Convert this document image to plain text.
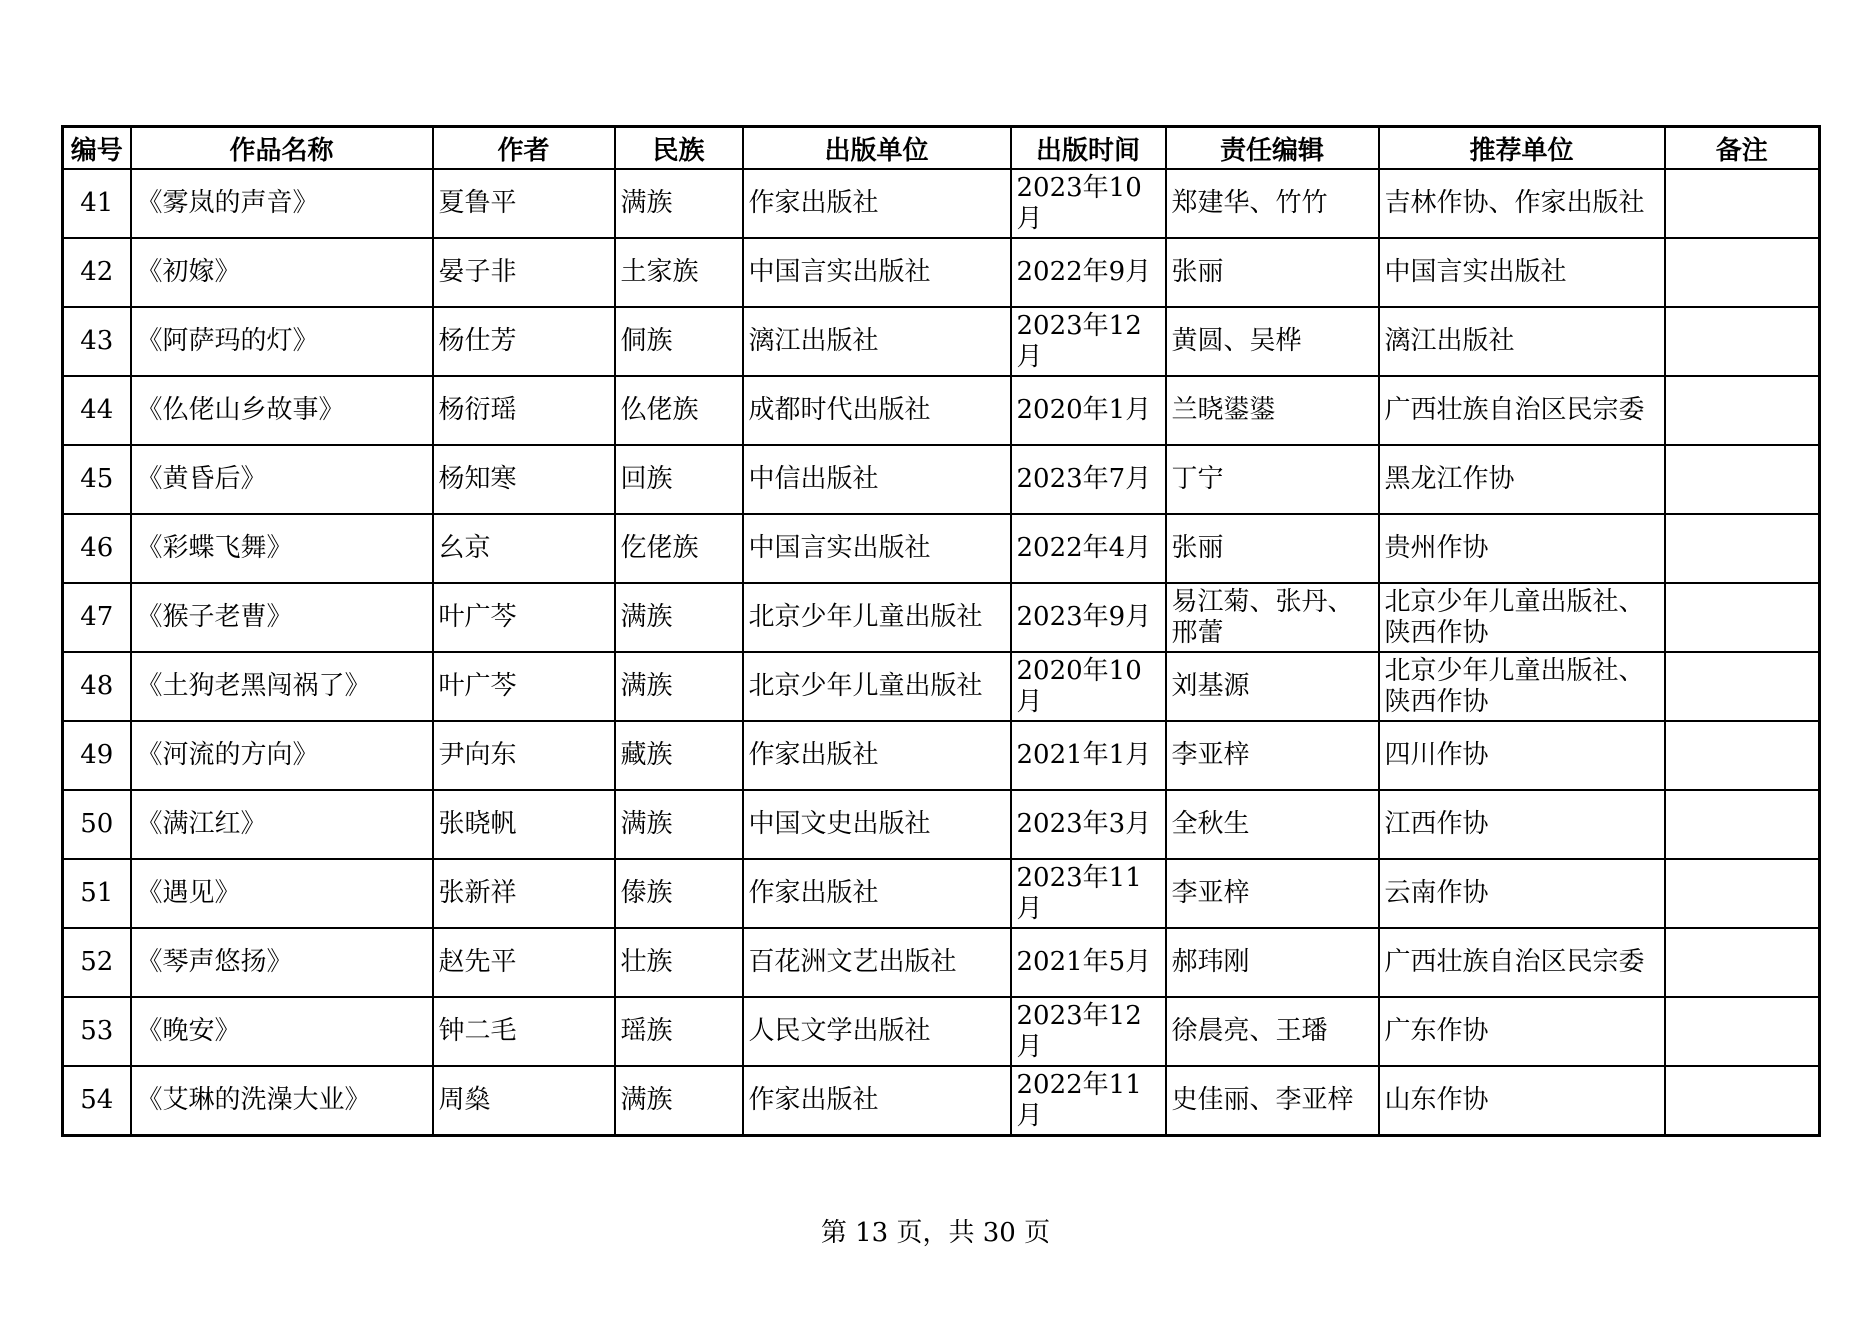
编号	作品名称	作者	民族	出版单位	出版时间	责任编辑	推荐单位	备注
41	《雾岚的声音》	夏鲁平	满族	作家出版社	2023年10月	郑建华、竹竹	吉林作协、作家出版社	
42	《初嫁》	晏子非	土家族	中国言实出版社	2022年9月	张丽	中国言实出版社	
43	《阿萨玛的灯》	杨仕芳	侗族	漓江出版社	2023年12月	黄圆、吴桦	漓江出版社	
44	《仫佬山乡故事》	杨衍瑶	仫佬族	成都时代出版社	2020年1月	兰晓鍙鍙	广西壮族自治区民宗委	
45	《黄昏后》	杨知寒	回族	中信出版社	2023年7月	丁宁	黑龙江作协	
46	《彩蝶飞舞》	幺京	仡佬族	中国言实出版社	2022年4月	张丽	贵州作协	
47	《猴子老曹》	叶广芩	满族	北京少年儿童出版社	2023年9月	易江菊、张丹、邢蕾	北京少年儿童出版社、陕西作协	
48	《土狗老黑闯祸了》	叶广芩	满族	北京少年儿童出版社	2020年10月	刘基源	北京少年儿童出版社、陕西作协	
49	《河流的方向》	尹向东	藏族	作家出版社	2021年1月	李亚梓	四川作协	
50	《满江红》	张晓帆	满族	中国文史出版社	2023年3月	全秋生	江西作协	
51	《遇见》	张新祥	傣族	作家出版社	2023年11月	李亚梓	云南作协	
52	《琴声悠扬》	赵先平	壮族	百花洲文艺出版社	2021年5月	郝玮刚	广西壮族自治区民宗委	
53	《晚安》	钟二毛	瑶族	人民文学出版社	2023年12月	徐晨亮、王璠	广东作协	
54	《艾琳的洗澡大业》	周燊	满族	作家出版社	2022年11月	史佳丽、李亚梓	山东作协	
第 13 页，共 30 页
